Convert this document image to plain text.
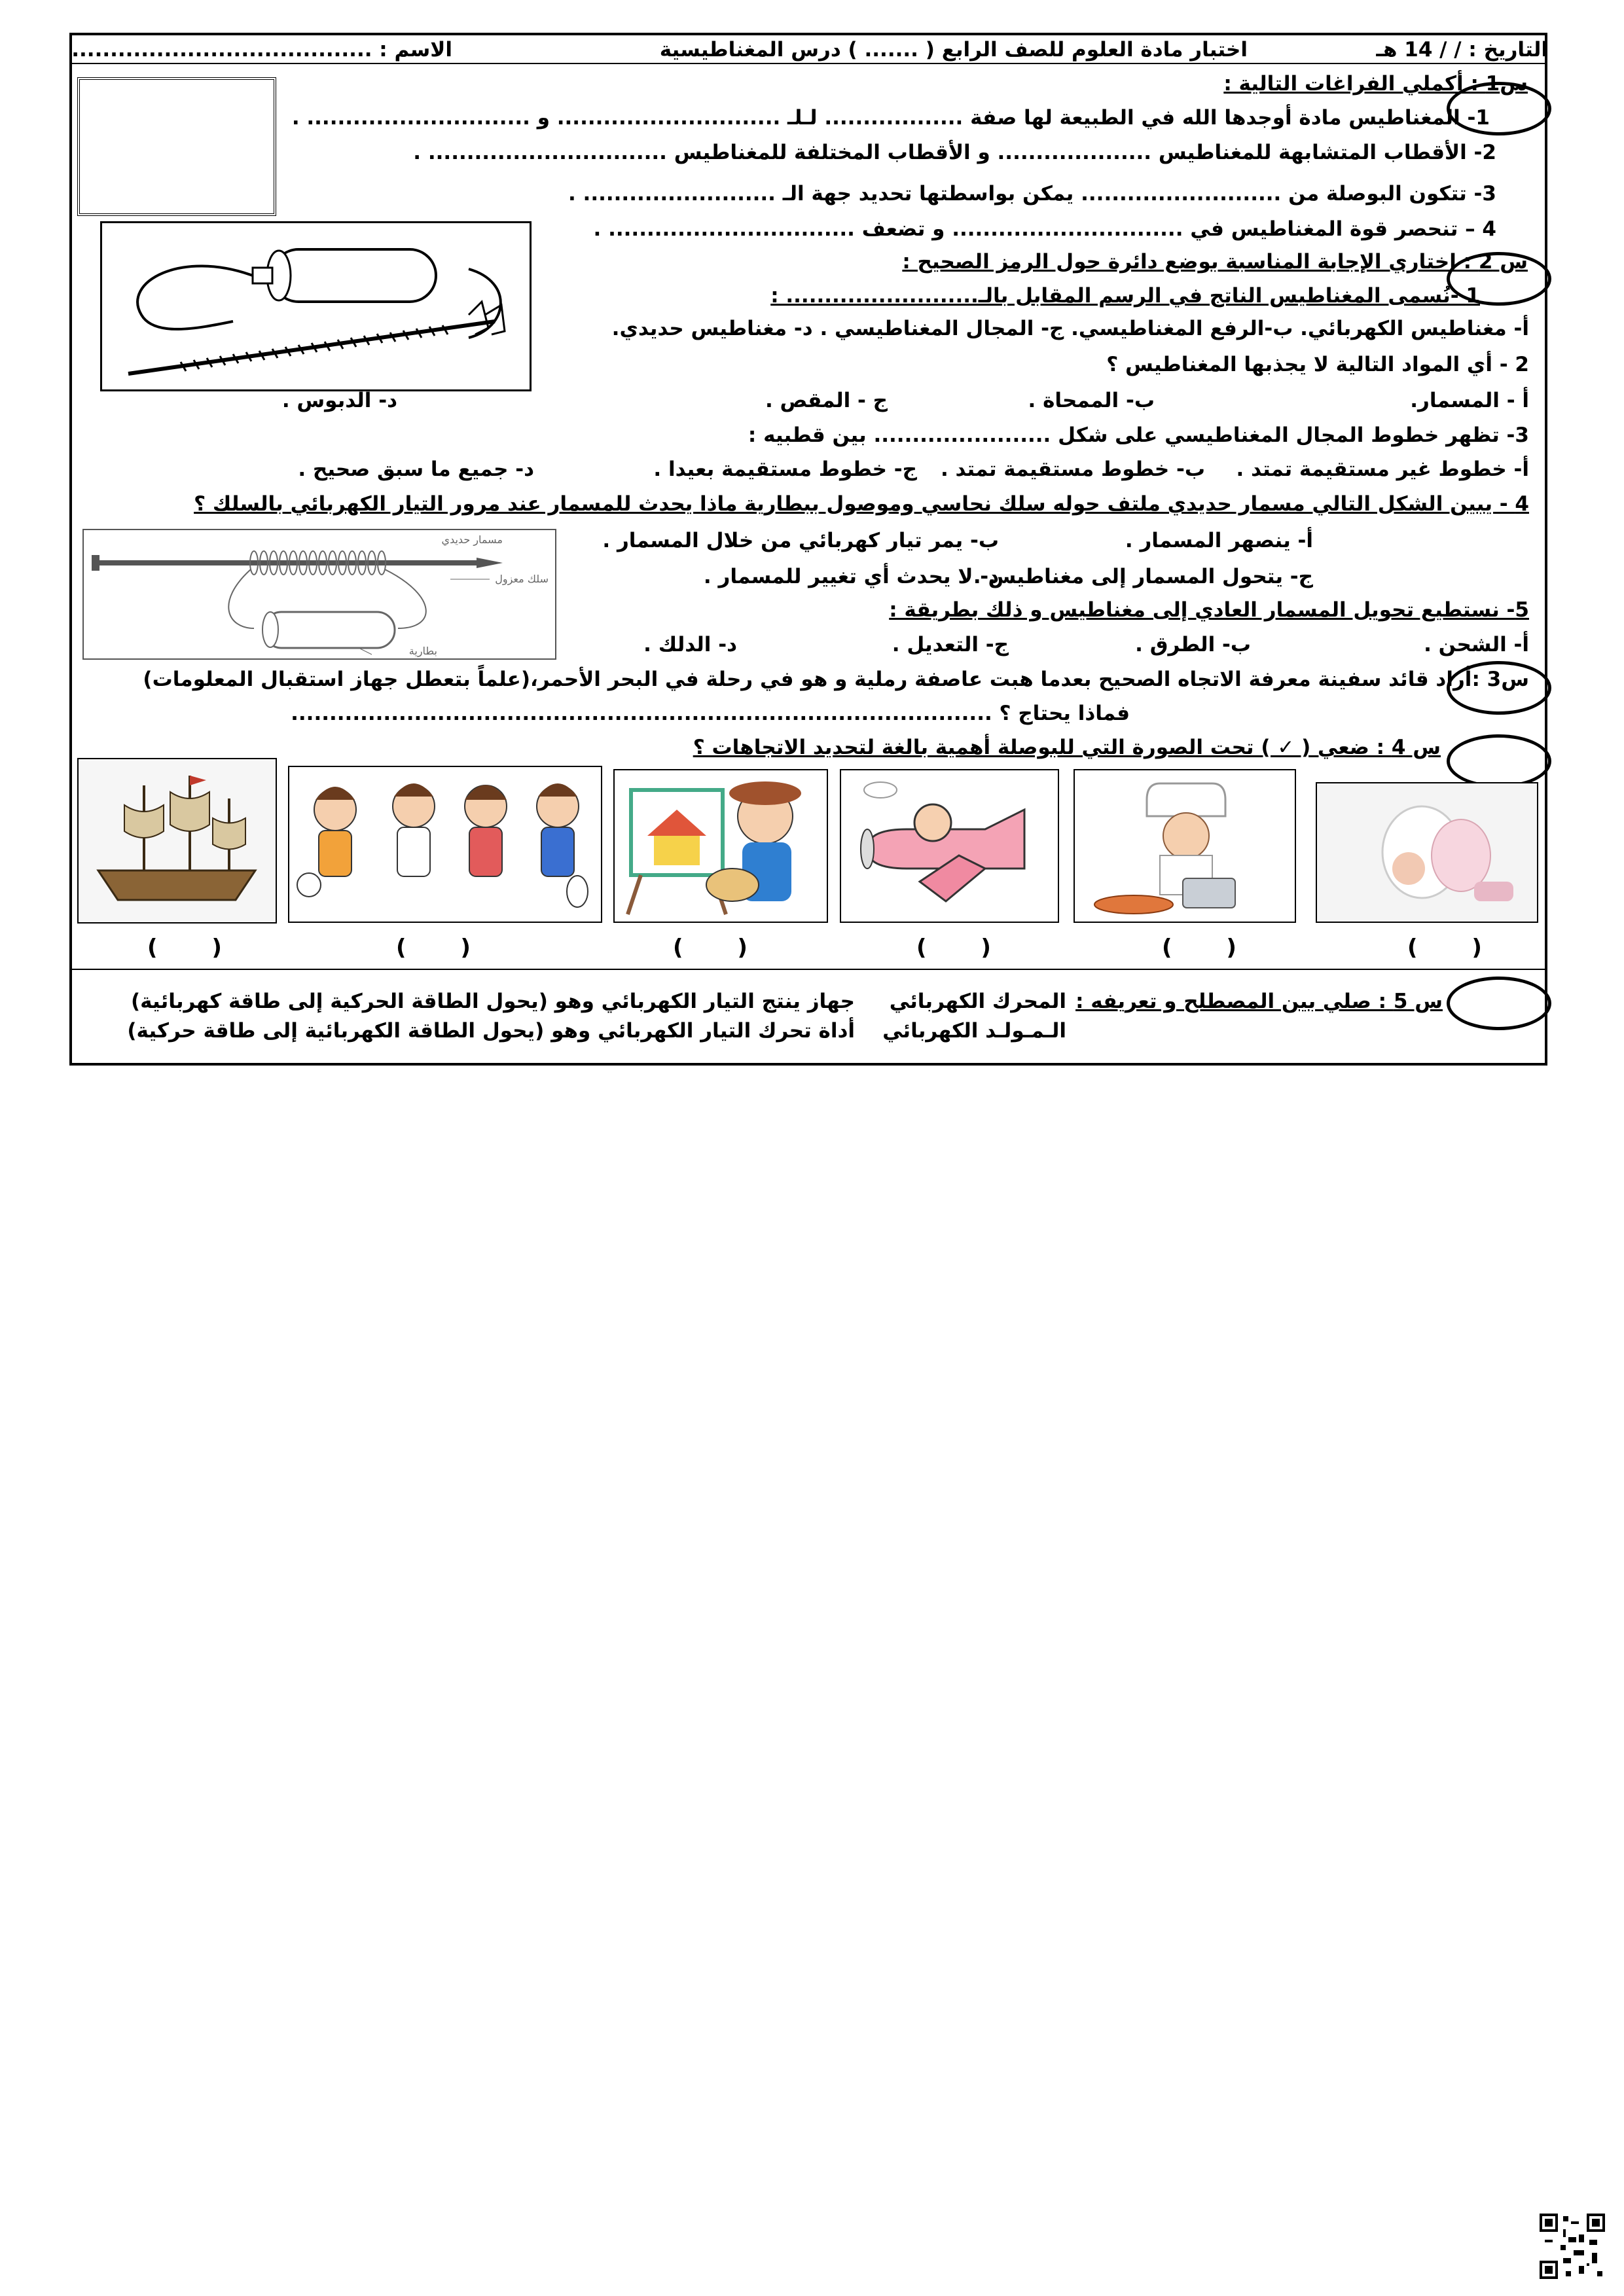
التاريخ : / / 14 هـ
اختبار مادة العلوم للصف الرابع ( ....... ) درس المغناطيسية
الاسم : .......................................
س1 : أكملي الفراغات التالية :
1- المغناطيس مادة أوجدها الله في الطبيعة لها صفة .................. لـلـ ............................. و ............................. .
2- الأقطاب المتشابهة للمغناطيس .................... و الأقطاب المختلفة للمغناطيس ............................... .
3- تتكون البوصلة من .......................... يمكن بواسطتها تحديد جهة الـ ......................... .
4 – تنحصر قوة المغناطيس في .............................. و تضعف ................................ .
س 2 : اختاري الإجابة المناسبة بوضع دائرة حول الرمز الصحيح :
1 -نُسمى المغناطيس الناتج في الرسم المقابل بالـ......................... :
أ- مغناطيس الكهربائي. ب-الرفع المغناطيسي. ج- المجال المغناطيسي . د- مغناطيس حديدي.
2 - أي المواد التالية لا يجذبها المغناطيس ؟
أ - المسمار.
ب- الممحاة .
ج - المقص .
د- الدبوس .
3- تظهر خطوط المجال المغناطيسي على شكل ....................... بين قطبيه :
أ- خطوط غير مستقيمة تمتد .
ب- خطوط مستقيمة تمتد .
ج- خطوط مستقيمة بعيدا .
د- جميع ما سبق صحيح .
4 - يبين الشكل التالي مسمار حديدي ملتف حوله سلك نحاسي وموصول ببطارية ماذا يحدث للمسمار عند مرور التيار الكهربائي بالسلك ؟
مسمار حديدي
سلك معزول
بطارية
أ- ينصهر المسمار .
ب- يمر تيار كهربائي من خلال المسمار .
ج- يتحول المسمار إلى مغناطيس .
د- لا يحدث أي تغيير للمسمار .
5- نستطيع تحويل المسمار العادي إلى مغناطيس و ذلك بطريقة :
أ- الشحن .
ب- الطرق .
ج- التعديل .
د- الدلك .
س3 :أراد قائد سفينة معرفة الاتجاه الصحيح بعدما هبت عاصفة رملية و هو في رحلة في البحر الأحمر،(علماً بتعطل جهاز استقبال المعلومات)
فماذا يحتاج ؟ ...........................................................................................
س 4 : ضعي ( ✓ ) تحت الصورة التي للبوصلة أهمية بالغة لتحديد الاتجاهات ؟
(       )
(       )
(       )
(       )
(       )
(       )
س 5 : صلي بين المصطلح و تعريفه :
المحرك الكهربائي
الـمـولـد الكهربائي
جهاز ينتج التيار الكهربائي وهو (يحول الطاقة الحركية إلى طاقة كهربائية)
أداة تحرك التيار الكهربائي وهو (يحول الطاقة الكهربائية إلى طاقة حركية)
